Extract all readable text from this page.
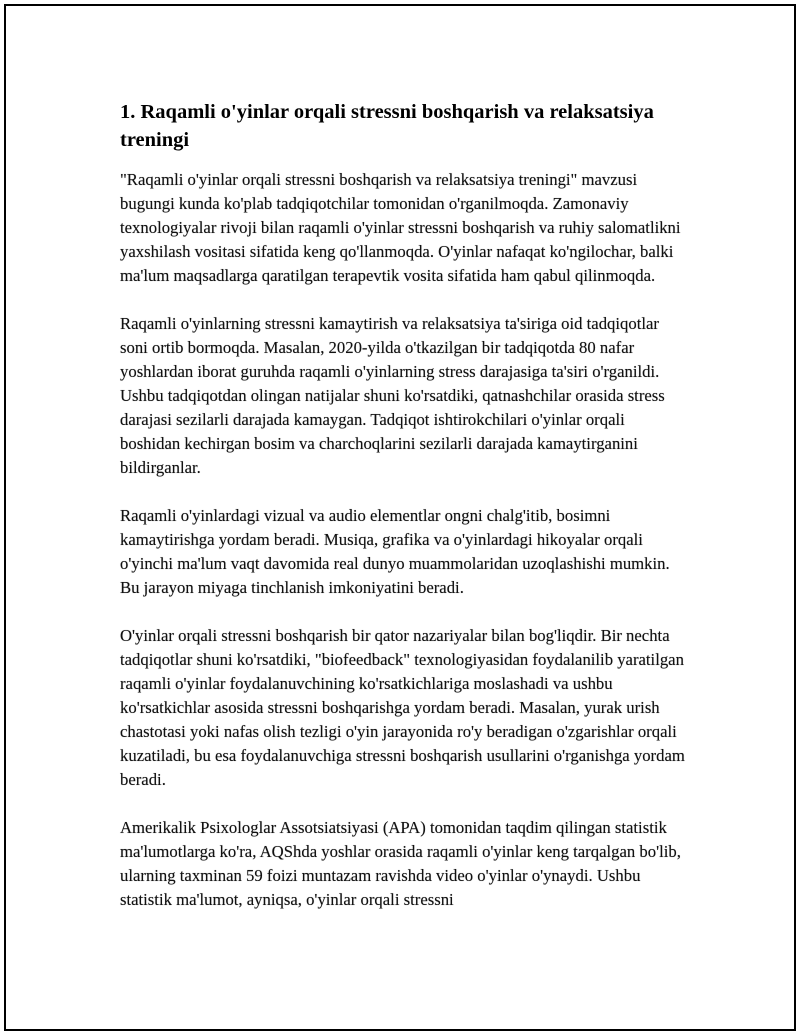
1. Raqamli o'yinlar orqali stressni boshqarish va relaksatsiya treningi

"Raqamli o'yinlar orqali stressni boshqarish va relaksatsiya treningi" mavzusi bugungi kunda ko'plab tadqiqotchilar tomonidan o'rganilmoqda. Zamonaviy texnologiyalar rivoji bilan raqamli o'yinlar stressni boshqarish va ruhiy salomatlikni yaxshilash vositasi sifatida keng qo'llanmoqda. O'yinlar nafaqat ko'ngilochar, balki ma'lum maqsadlarga qaratilgan terapevtik vosita sifatida ham qabul qilinmoqda.

Raqamli o'yinlarning stressni kamaytirish va relaksatsiya ta'siriga oid tadqiqotlar soni ortib bormoqda. Masalan, 2020-yilda o'tkazilgan bir tadqiqotda 80 nafar yoshlardan iborat guruhda raqamli o'yinlarning stress darajasiga ta'siri o'rganildi. Ushbu tadqiqotdan olingan natijalar shuni ko'rsatdiki, qatnashchilar orasida stress darajasi sezilarli darajada kamaygan. Tadqiqot ishtirokchilari o'yinlar orqali boshidan kechirgan bosim va charchoqlarini sezilarli darajada kamaytirganini bildirganlar.

Raqamli o'yinlardagi vizual va audio elementlar ongni chalg'itib, bosimni kamaytirishga yordam beradi. Musiqa, grafika va o'yinlardagi hikoyalar orqali o'yinchi ma'lum vaqt davomida real dunyo muammolaridan uzoqlashishi mumkin. Bu jarayon miyaga tinchlanish imkoniyatini beradi.

O'yinlar orqali stressni boshqarish bir qator nazariyalar bilan bog'liqdir. Bir nechta tadqiqotlar shuni ko'rsatdiki, "biofeedback" texnologiyasidan foydalanilib yaratilgan raqamli o'yinlar foydalanuvchining ko'rsatkichlariga moslashadi va ushbu ko'rsatkichlar asosida stressni boshqarishga yordam beradi. Masalan, yurak urish chastotasi yoki nafas olish tezligi o'yin jarayonida ro'y beradigan o'zgarishlar orqali kuzatiladi, bu esa foydalanuvchiga stressni boshqarish usullarini o'rganishga yordam beradi.

Amerikalik Psixologlar Assotsiatsiyasi (APA) tomonidan taqdim qilingan statistik ma'lumotlarga ko'ra, AQShda yoshlar orasida raqamli o'yinlar keng tarqalgan bo'lib, ularning taxminan 59 foizi muntazam ravishda video o'yinlar o'ynaydi. Ushbu statistik ma'lumot, ayniqsa, o'yinlar orqali stressni
